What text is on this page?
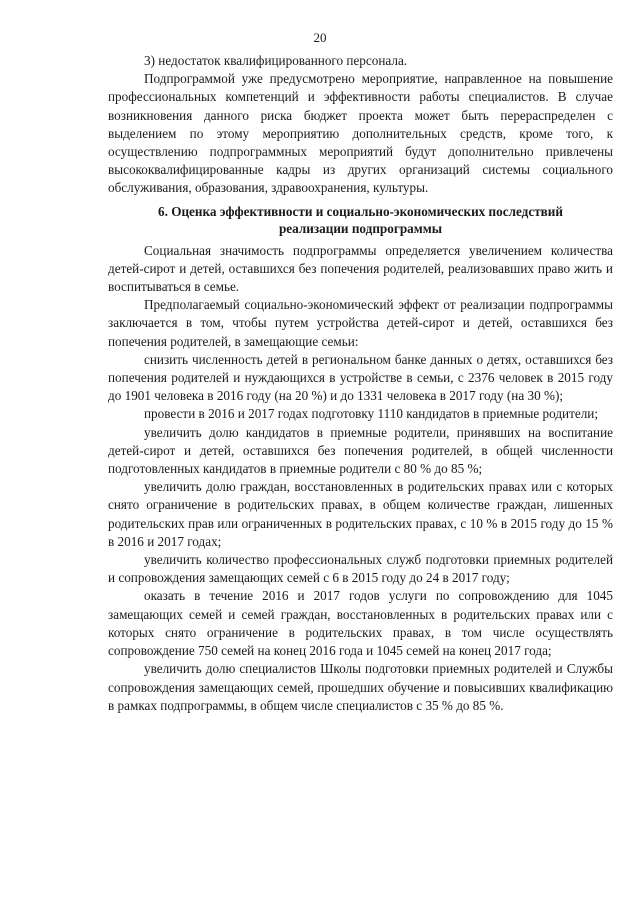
20

3) недостаток квалифицированного персонала.

Подпрограммой уже предусмотрено мероприятие, направленное на повышение профессиональных компетенций и эффективности работы специалистов. В случае возникновения данного риска бюджет проекта может быть перераспределен с выделением по этому мероприятию дополнительных средств, кроме того, к осуществлению подпрограммных мероприятий будут дополнительно привлечены высококвалифицированные кадры из других организаций системы социального обслуживания, образования, здравоохранения, культуры.

6. Оценка эффективности и социально-экономических последствий реализации подпрограммы

Социальная значимость подпрограммы определяется увеличением количества детей-сирот и детей, оставшихся без попечения родителей, реализовавших право жить и воспитываться в семье.

Предполагаемый социально-экономический эффект от реализации подпрограммы заключается в том, чтобы путем устройства детей-сирот и детей, оставшихся без попечения родителей, в замещающие семьи:

снизить численность детей в региональном банке данных о детях, оставшихся без попечения родителей и нуждающихся в устройстве в семьи, с 2376 человек в 2015 году до 1901 человека в 2016 году (на 20 %) и до 1331 человека в 2017 году (на 30 %);

провести в 2016 и 2017 годах подготовку 1110 кандидатов в приемные родители;

увеличить долю кандидатов в приемные родители, принявших на воспитание детей-сирот и детей, оставшихся без попечения родителей, в общей численности подготовленных кандидатов в приемные родители с 80 % до 85 %;

увеличить долю граждан, восстановленных в родительских правах или с которых снято ограничение в родительских правах, в общем количестве граждан, лишенных родительских прав или ограниченных в родительских правах, с 10 % в 2015 году до 15 % в 2016 и 2017 годах;

увеличить количество профессиональных служб подготовки приемных родителей и сопровождения замещающих семей с 6 в 2015 году до 24 в 2017 году;

оказать в течение 2016 и 2017 годов услуги по сопровождению для 1045 замещающих семей и семей граждан, восстановленных в родительских правах или с которых снято ограничение в родительских правах, в том числе осуществлять сопровождение 750 семей на конец 2016 года и 1045 семей на конец 2017 года;

увеличить долю специалистов Школы подготовки приемных родителей и Службы сопровождения замещающих семей, прошедших обучение и повысивших квалификацию в рамках подпрограммы, в общем числе специалистов с 35 % до 85 %.
